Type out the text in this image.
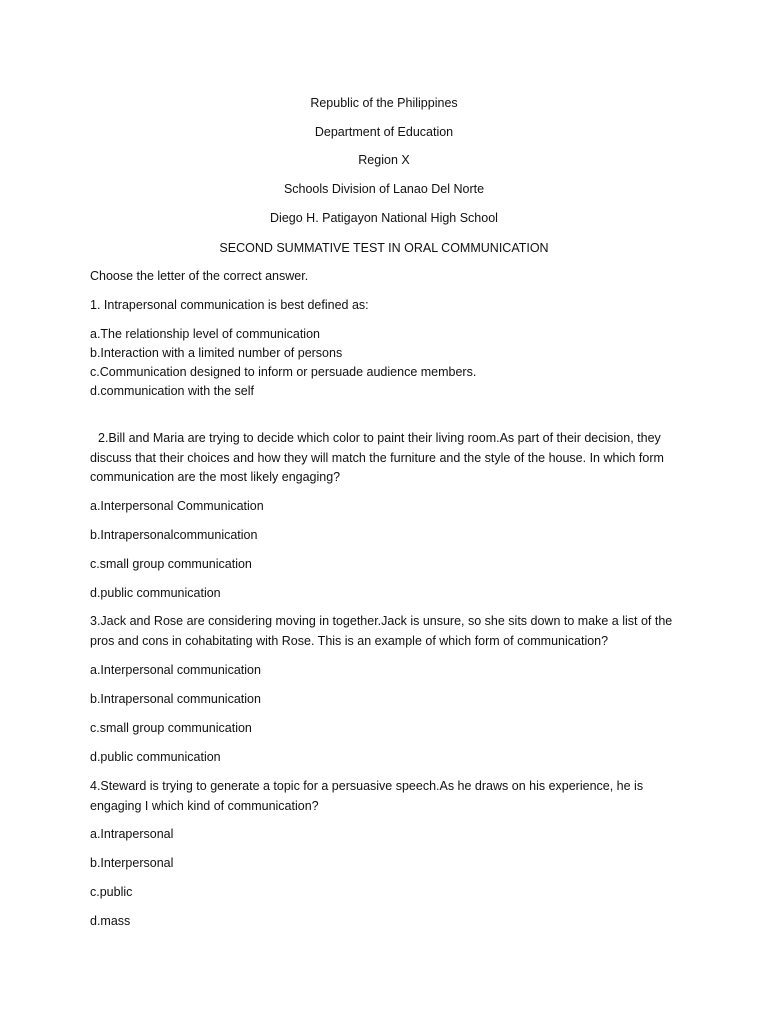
Republic of the Philippines
Department of Education
Region X
Schools Division of Lanao Del Norte
Diego H. Patigayon National High School
SECOND SUMMATIVE TEST IN ORAL COMMUNICATION
Choose the letter of the correct answer.
1. Intrapersonal communication is best defined as:
a.The relationship level of communication
b.Interaction with a limited number of persons
c.Communication designed to inform or persuade audience members.
d.communication with the self
2.Bill and Maria are trying to decide which color to paint their living room.As part of their decision, they discuss that their choices and how they will match the furniture and the style of the house. In which form communication are the most likely engaging?
a.Interpersonal Communication
b.Intrapersonalcommunication
c.small group communication
d.public communication
3.Jack and Rose are considering moving in together.Jack is unsure, so she sits down to make a list of the pros and cons in cohabitating with Rose. This is an example of which form of communication?
a.Interpersonal communication
b.Intrapersonal communication
c.small group communication
d.public communication
4.Steward is trying to generate a topic for a persuasive speech.As he draws on his experience, he is engaging I which kind of communication?
a.Intrapersonal
b.Interpersonal
c.public
d.mass
